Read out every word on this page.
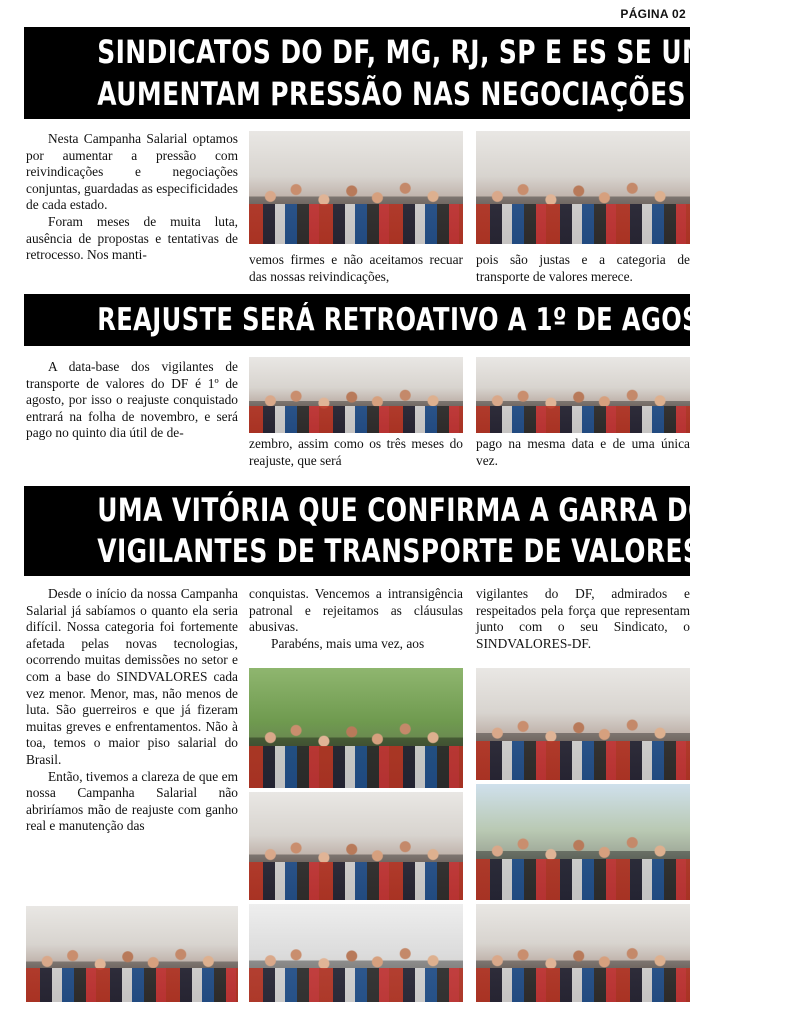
PÁGINA 02
SINDICATOS DO DF, MG, RJ, SP E ES SE UNEM E
AUMENTAM PRESSÃO NAS NEGOCIAÇÕES

Nesta Campanha Salarial optamos por aumentar a pressão com reivindicações e negociações conjuntas, guardadas as especificidades de cada estado.

Foram meses de muita luta, ausência de propostas e tentativas de retrocesso. Nos manti-	vemos firmes e não aceitamos recuar das nossas reivindicações,

pois são justas e a categoria de transporte de valores merece.

REAJUSTE SERÁ RETROATIVO A 1º DE AGOSTO

A data-base dos vigilantes de transporte de valores do DF é 1º de agosto, por isso o reajuste conquistado entrará na folha de novembro, e será pago no quinto dia útil de de-

zembro, assim como os três meses do reajuste, que será

pago na mesma data e de uma única vez.

UMA VITÓRIA QUE CONFIRMA A GARRA DOS
VIGILANTES DE TRANSPORTE DE VALORES DO DF

Desde o início da nossa Campanha Salarial já sabíamos o quanto ela seria difícil. Nossa categoria foi fortemente afetada pelas novas tecnologias, ocorrendo muitas demissões no setor e com a base do SINDVALORES cada vez menor. Menor, mas, não menos de luta. São guerreiros e que já fizeram muitas greves e enfrentamentos. Não à toa, temos o maior piso salarial do Brasil.

Então, tivemos a clareza de que em nossa Campanha Salarial não abriríamos mão de reajuste com ganho real e manutenção das

conquistas. Vencemos a intransigência patronal e rejeitamos as cláusulas abusivas.

Parabéns, mais uma vez, aos

vigilantes do DF, admirados e respeitados pela força que representam junto com o seu Sindicato, o SINDVALORES-DF.
